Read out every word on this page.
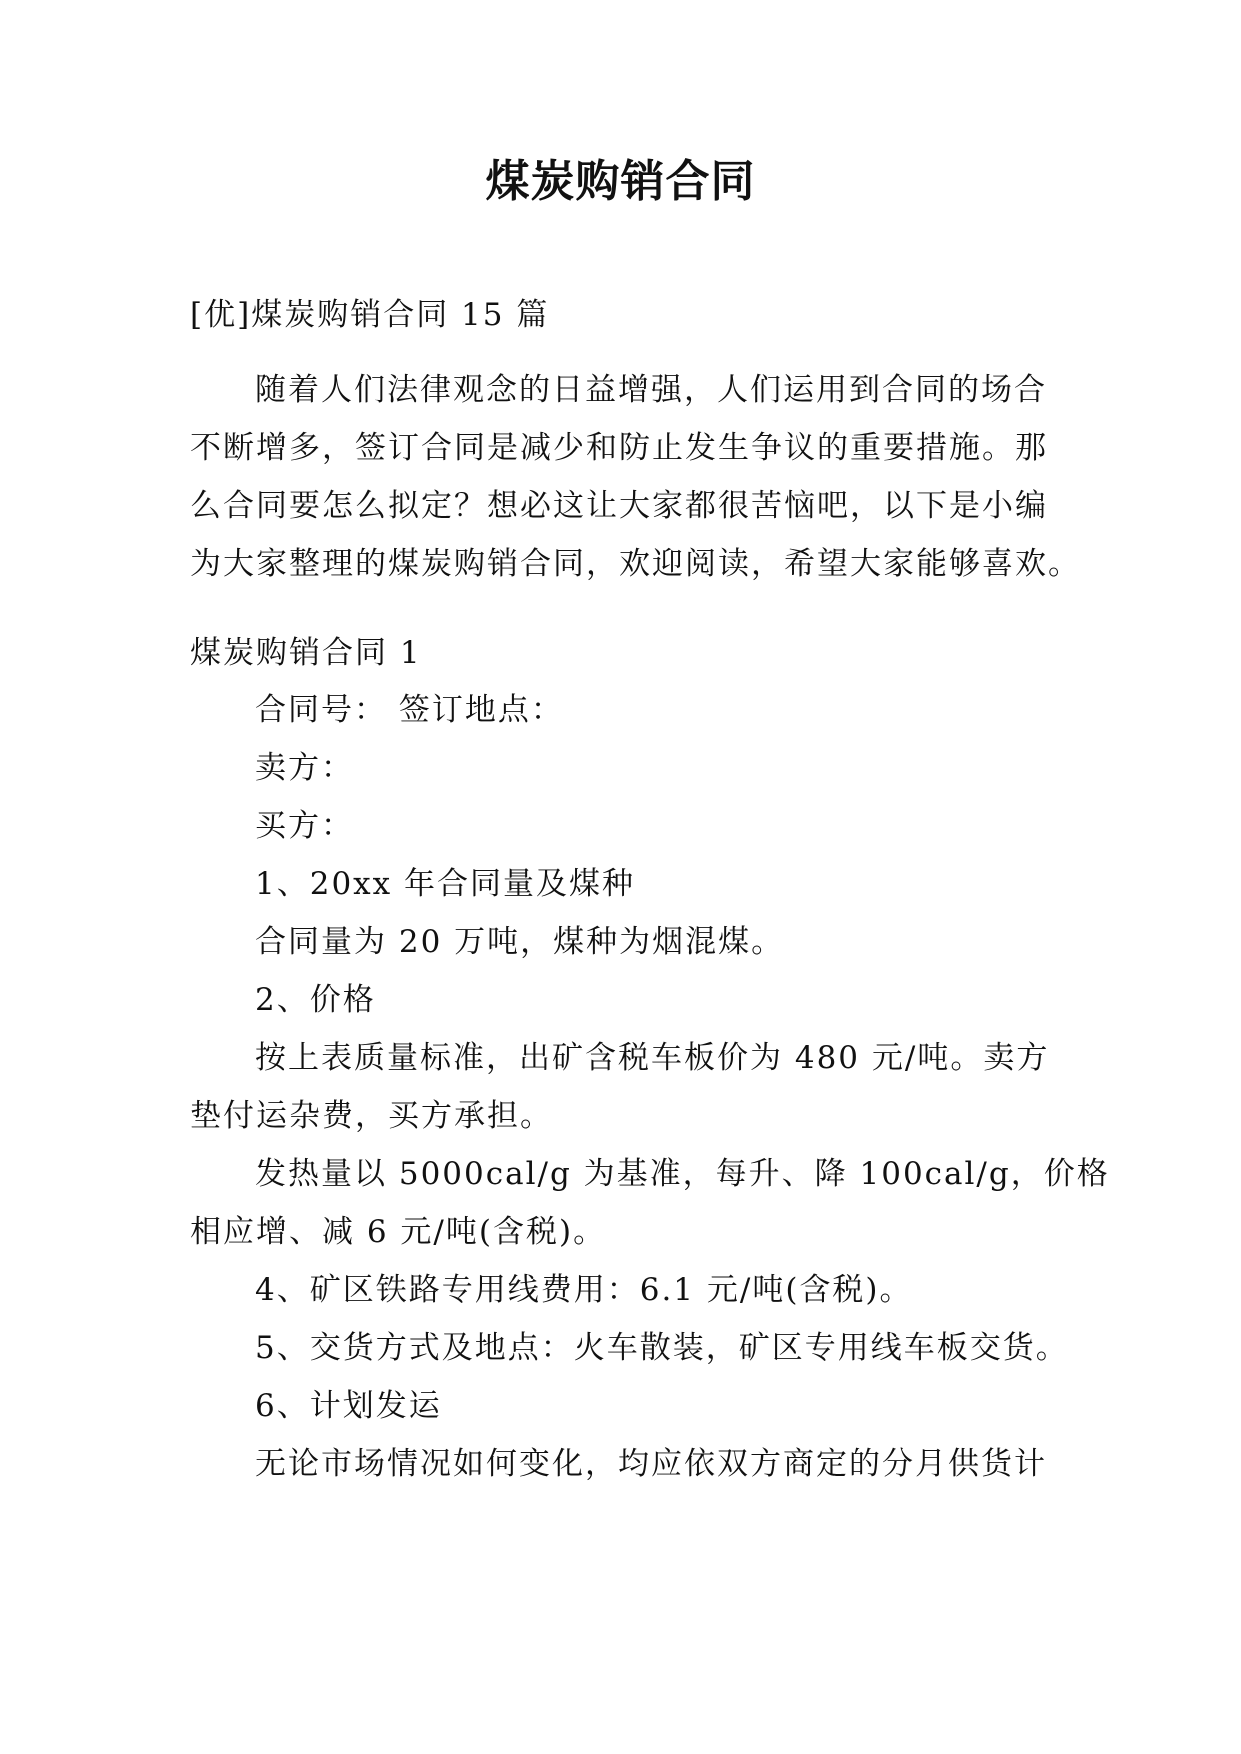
煤炭购销合同

[优]煤炭购销合同 15 篇

随着人们法律观念的日益增强，人们运用到合同的场合

不断增多，签订合同是减少和防止发生争议的重要措施。那

么合同要怎么拟定？想必这让大家都很苦恼吧，以下是小编

为大家整理的煤炭购销合同，欢迎阅读，希望大家能够喜欢。

煤炭购销合同 1

合同号： 签订地点：

卖方：

买方：

1、20xx 年合同量及煤种

合同量为 20 万吨，煤种为烟混煤。

2、价格

按上表质量标准，出矿含税车板价为 480 元/吨。卖方

垫付运杂费，买方承担。

发热量以 5000cal/g 为基准，每升、降 100cal/g，价格

相应增、减 6 元/吨(含税)。

4、矿区铁路专用线费用：6.1 元/吨(含税)。

5、交货方式及地点：火车散装，矿区专用线车板交货。

6、计划发运

无论市场情况如何变化，均应依双方商定的分月供货计
